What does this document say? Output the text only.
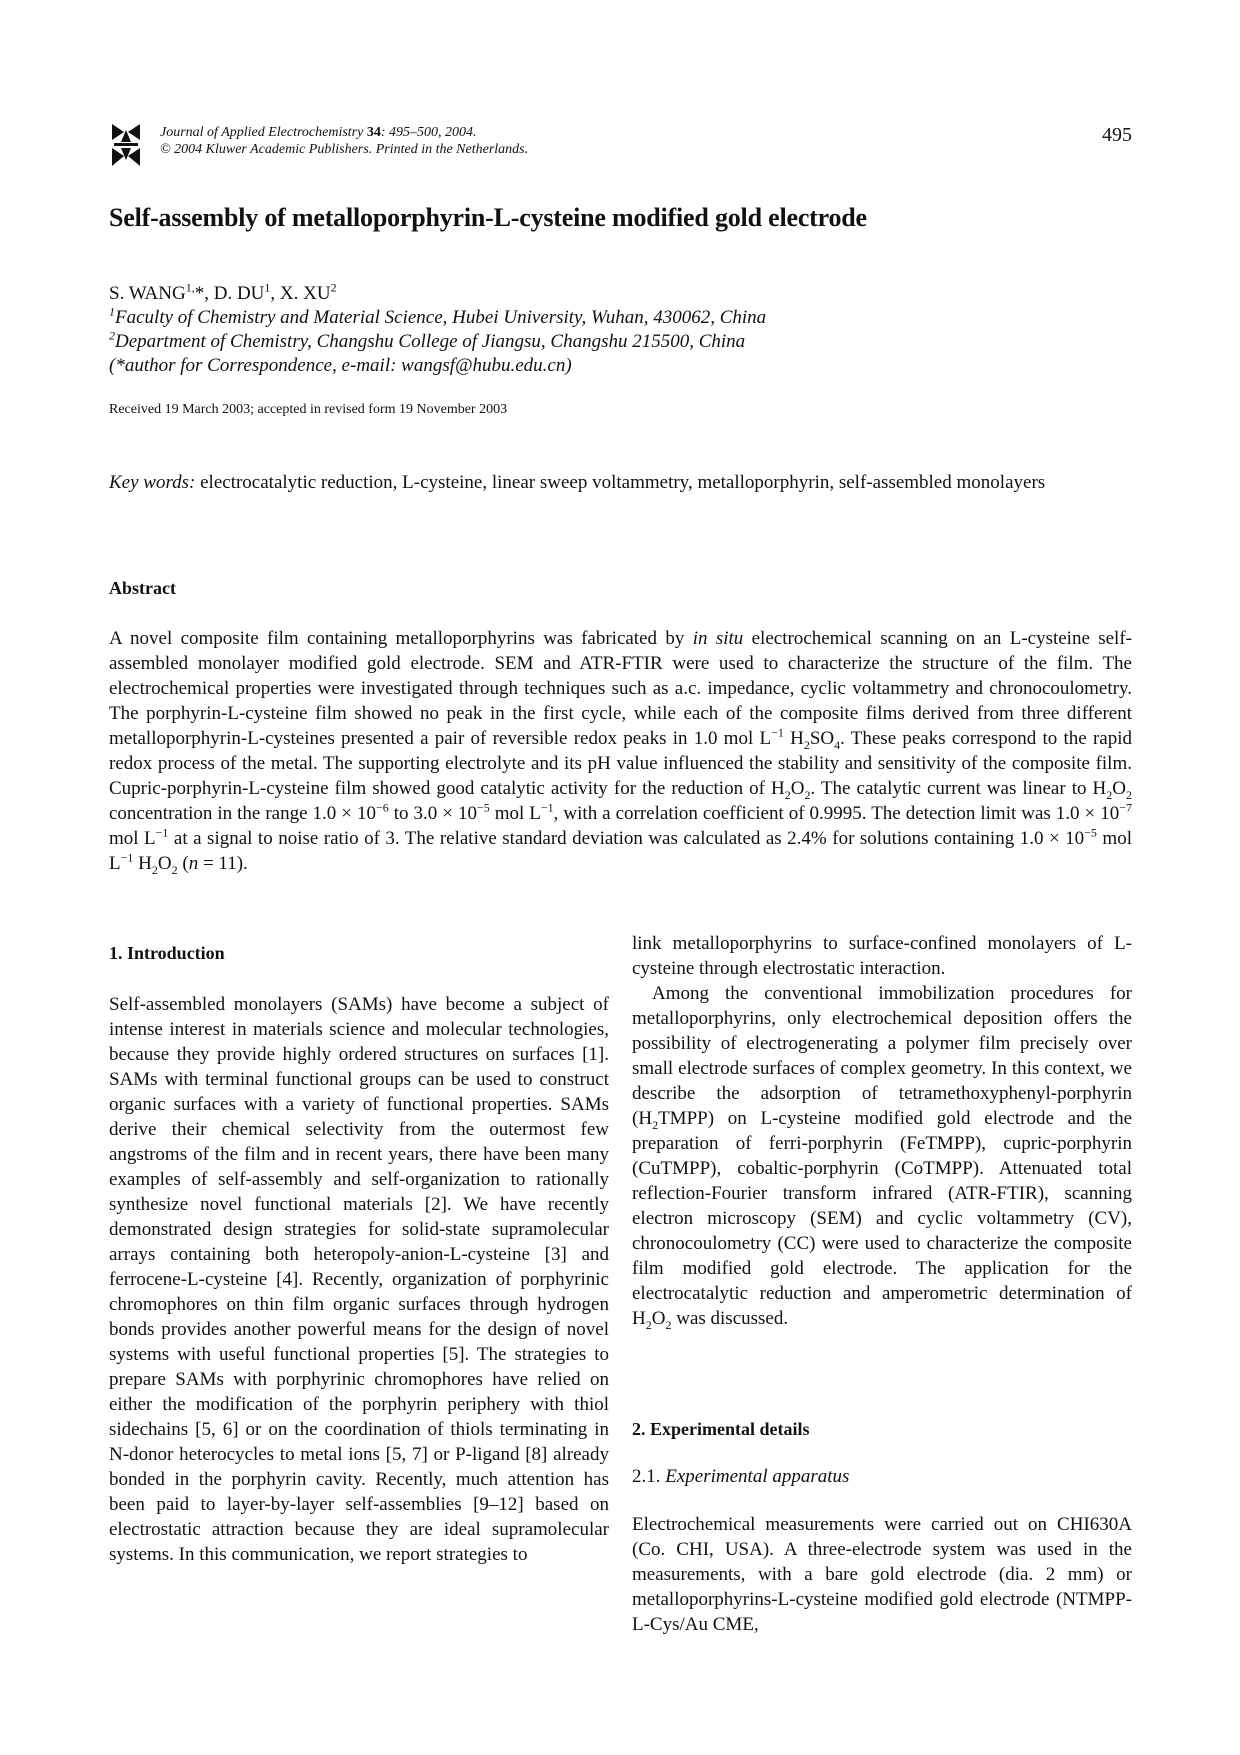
Journal of Applied Electrochemistry 34: 495–500, 2004.
© 2004 Kluwer Academic Publishers. Printed in the Netherlands.
495
Self-assembly of metalloporphyrin-L-cysteine modified gold electrode
S. $WANG^{1,}*$, D. $DU^1$, X. $XU^2$
$^1$Faculty of Chemistry and Material Science, Hubei University, Wuhan, 430062, China
$^2$Department of Chemistry, Changshu College of Jiangsu, Changshu 215500, China
(*author for Correspondence, e-mail: wangsf@hubu.edu.cn)
Received 19 March 2003; accepted in revised form 19 November 2003
Key words: electrocatalytic reduction, L-cysteine, linear sweep voltammetry, metalloporphyrin, self-assembled monolayers
Abstract
A novel composite film containing metalloporphyrins was fabricated by in situ electrochemical scanning on an L-cysteine self-assembled monolayer modified gold electrode. SEM and ATR-FTIR were used to characterize the structure of the film. The electrochemical properties were investigated through techniques such as a.c. impedance, cyclic voltammetry and chronocoulometry. The porphyrin-L-cysteine film showed no peak in the first cycle, while each of the composite films derived from three different metalloporphyrin-L-cysteines presented a pair of reversible redox peaks in 1.0 mol $L^{-1}$ $H_2SO_4$. These peaks correspond to the rapid redox process of the metal. The supporting electrolyte and its pH value influenced the stability and sensitivity of the composite film. Cupric-porphyrin-L-cysteine film showed good catalytic activity for the reduction of $H_2O_2$. The catalytic current was linear to $H_2O_2$ concentration in the range $1.0 \times 10^{-6}$ to $3.0 \times 10^{-5}$ mol $L^{-1}$, with a correlation coefficient of 0.9995. The detection limit was $1.0 \times 10^{-7}$ mol $L^{-1}$ at a signal to noise ratio of 3. The relative standard deviation was calculated as 2.4% for solutions containing $1.0 \times 10^{-5}$ mol $L^{-1}$ $H_2O_2$ (n = 11).
1. Introduction

Self-assembled monolayers (SAMs) have become a subject of intense interest in materials science and molecular technologies, because they provide highly ordered structures on surfaces [1]. SAMs with terminal functional groups can be used to construct organic surfaces with a variety of functional properties. SAMs derive their chemical selectivity from the outermost few angstroms of the film and in recent years, there have been many examples of self-assembly and self-organization to rationally synthesize novel functional materials [2]. We have recently demonstrated design strategies for solid-state supramolecular arrays containing both heteropoly-anion-L-cysteine [3] and ferrocene-L-cysteine [4]. Recently, organization of porphyrinic chromophores on thin film organic surfaces through hydrogen bonds provides another powerful means for the design of novel systems with useful functional properties [5]. The strategies to prepare SAMs with porphyrinic chromophores have relied on either the modification of the porphyrin periphery with thiol sidechains [5, 6] or on the coordination of thiols terminating in N-donor heterocycles to metal ions [5, 7] or P-ligand [8] already bonded in the porphyrin cavity. Recently, much attention has been paid to layer-by-layer self-assemblies [9–12] based on electrostatic attraction because they are ideal supramolecular systems. In this communication, we report strategies to

link metalloporphyrins to surface-confined monolayers of L-cysteine through electrostatic interaction.

Among the conventional immobilization procedures for metalloporphyrins, only electrochemical deposition offers the possibility of electrogenerating a polymer film precisely over small electrode surfaces of complex geometry. In this context, we describe the adsorption of tetramethoxyphenyl-porphyrin $(H_2TMPP)$ on L-cysteine modified gold electrode and the preparation of ferri-porphyrin (FeTMPP), cupric-porphyrin (CuTMPP), cobaltic-porphyrin (CoTMPP). Attenuated total reflection-Fourier transform infrared (ATR-FTIR), scanning electron microscopy (SEM) and cyclic voltammetry (CV), chronocoulometry (CC) were used to characterize the composite film modified gold electrode. The application for the electrocatalytic reduction and amperometric determination of $H_2O_2$ was discussed.

2. Experimental details
2.1. Experimental apparatus

Electrochemical measurements were carried out on CHI630A (Co. CHI, USA). A three-electrode system was used in the measurements, with a bare gold electrode (dia. 2 mm) or metalloporphyrins-L-cysteine modified gold electrode (NTMPP-L-Cys/Au CME,
